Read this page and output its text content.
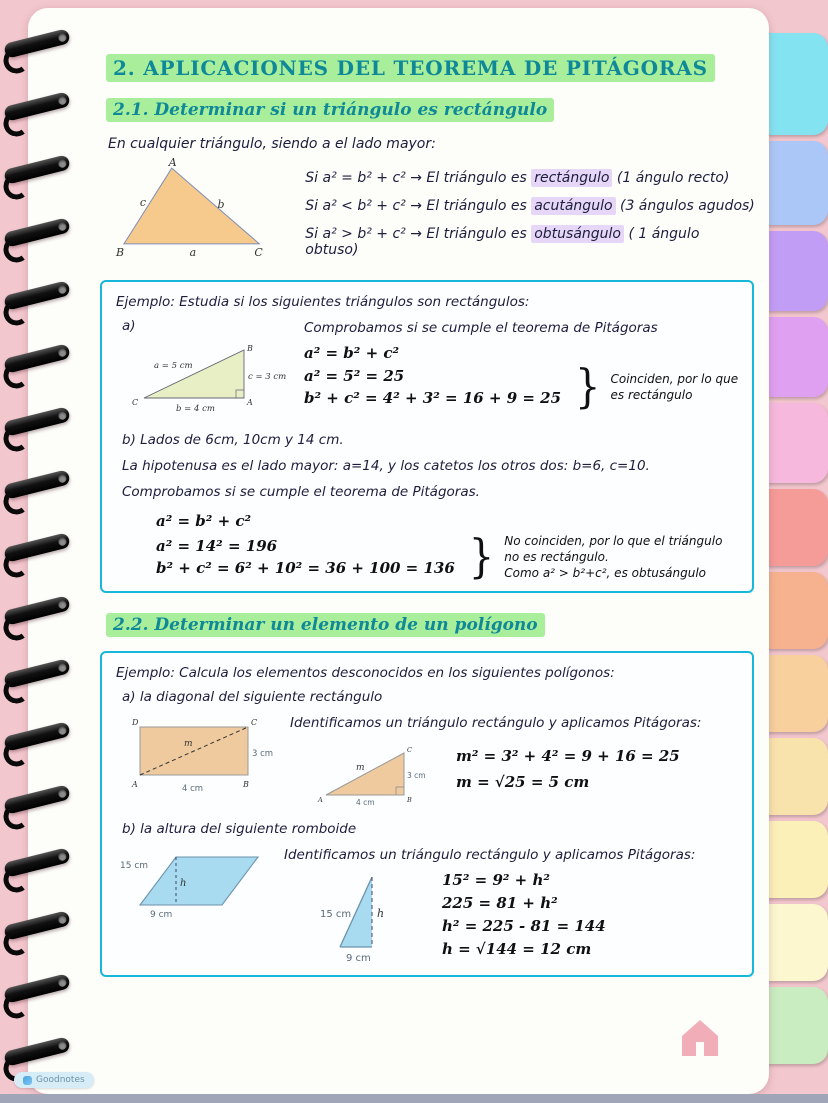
2. APLICACIONES DEL TEOREMA DE PITÁGORAS
2.1. Determinar si un triángulo es rectángulo

En cualquier triángulo, siendo a el lado mayor:

A
B	C
a
b
c
Si a² = b² + c² → El triángulo es rectángulo (1 ángulo recto)
Si a² < b² + c² → El triángulo es acutángulo (3 ángulos agudos)
Si a² > b² + c² → El triángulo es obtusángulo ( 1 ángulo obtuso)
Ejemplo: Estudia si los siguientes triángulos son rectángulos:
a)
B
A
C
a = 5 cm
c = 3 cm
b = 4 cm
Comprobamos si se cumple el teorema de Pitágoras
a² = b² + c²
a² = 5² = 25
b² + c² = 4² + 3² = 16 + 9 = 25 } Coinciden, por lo que es rectángulo
b) Lados de 6cm, 10cm y 14 cm.
La hipotenusa es el lado mayor: a=14, y los catetos los otros dos: b=6, c=10.
Comprobamos si se cumple el teorema de Pitágoras.
a² = b² + c²
a² = 14² = 196
b² + c² = 6² + 10² = 36 + 100 = 136 } No coinciden, por lo que el triángulo no es rectángulo.
Como a² > b²+c², es obtusángulo
2.2. Determinar un elemento de un polígono
Ejemplo: Calcula los elementos desconocidos en los siguientes polígonos:
a) la diagonal del siguiente rectángulo
D	C
A	B
m
3 cm
4 cm
Identificamos un triángulo rectángulo y aplicamos Pitágoras:
m
3 cm
4 cm
A	B
C	m² = 3² + 4² = 9 + 16 = 25
m = √25 = 5 cm
b) la altura del siguiente romboide
15 cm
h
9 cm
Identificamos un triángulo rectángulo y aplicamos Pitágoras:
15 cm h
9 cm
15² = 9² + h²
225 = 81 + h²
h² = 225 - 81 = 144
h = √144 = 12 cm
Goodnotes
